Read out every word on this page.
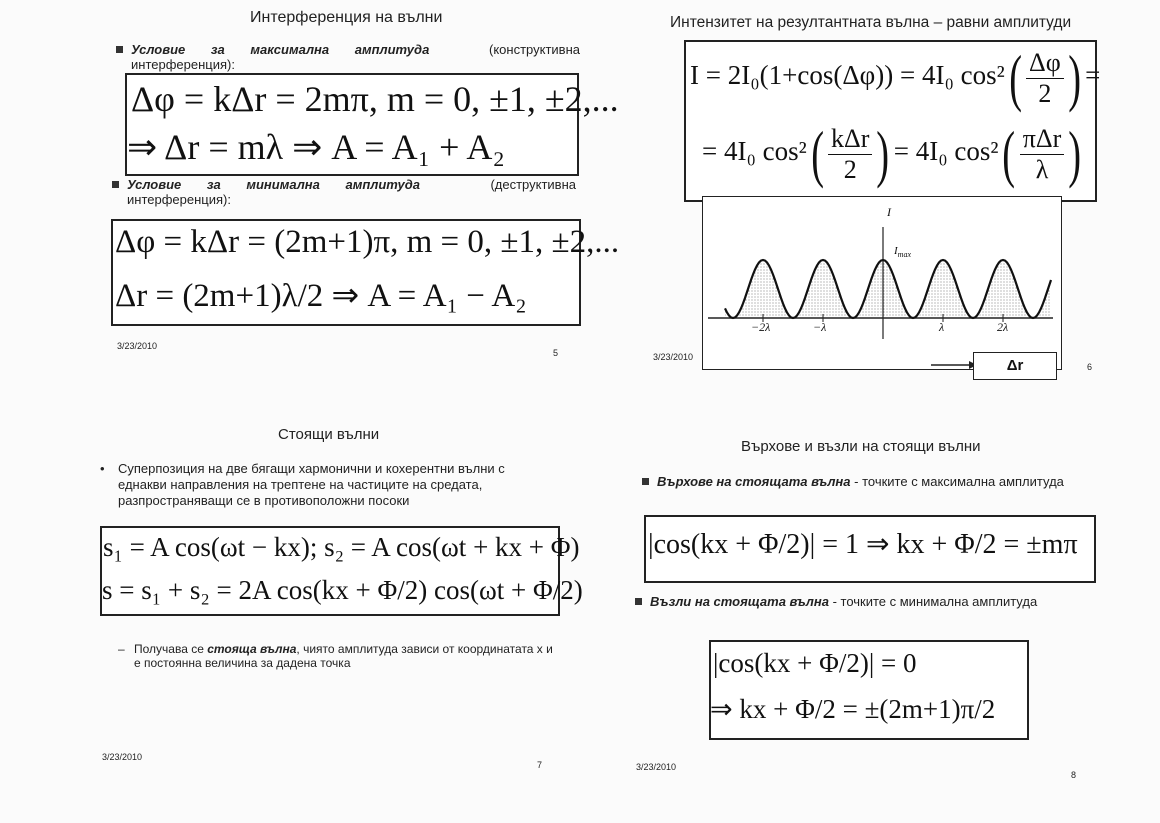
Интерференция на вълни
Условие за максимална амплитуда	(конструктивна
интерференция):
Δφ = kΔr = 2mπ, m = 0, ±1, ±2,...
⇒ Δr = mλ ⇒ A = A₁ + A₂
Условие за минимална амплитуда	(деструктивна
интерференция):
Δφ = kΔr = (2m+1)π, m = 0, ±1, ±2,...
Δr = (2m+1)λ/2 ⇒ A = A₁ − A₂
3/23/2010
5
Интензитет на резултантната вълна – равни амплитуди
I = 2I₀(1+cos(Δφ)) = 4I₀ $\cos^2( \frac{\Delta\varphi}{2}$ ) =
= 4I₀ $\cos^2( \frac{\text{kΔr}}{2}$ ) = 4I₀ $\cos^2( \frac{\text{πΔr}}{\lambda}$ )
I
$I_{max}$
−2λ	−λ	λ	2λ
Δr
3/23/2010
6
Стоящи вълни
•	Суперпозиция на две бягащи хармонични и кохерентни вълни с еднакви направления на трептене на частиците на средата, разпространяващи се в противоположни посоки
s₁ = A cos(ωt − kx); s₂ = A cos(ωt + kx + Φ)
s = s₁ + s₂ = 2A cos(kx + Φ/2) cos(ωt + Φ/2)
– Получава се стояща вълна, чиято амплитуда зависи от координатата x и е постоянна величина за дадена точка
3/23/2010
7
Върхове и възли на стоящи вълни
Върхове на стоящата вълна - точките с максимална амплитуда
|cos(kx + Φ/2)| = 1 ⇒ kx + Φ/2 = ±mπ
Възли на стоящата вълна - точките с минимална амплитуда
|cos(kx + Φ/2)| = 0
⇒ kx + Φ/2 = ±(2m+1)π/2
3/23/2010
8
